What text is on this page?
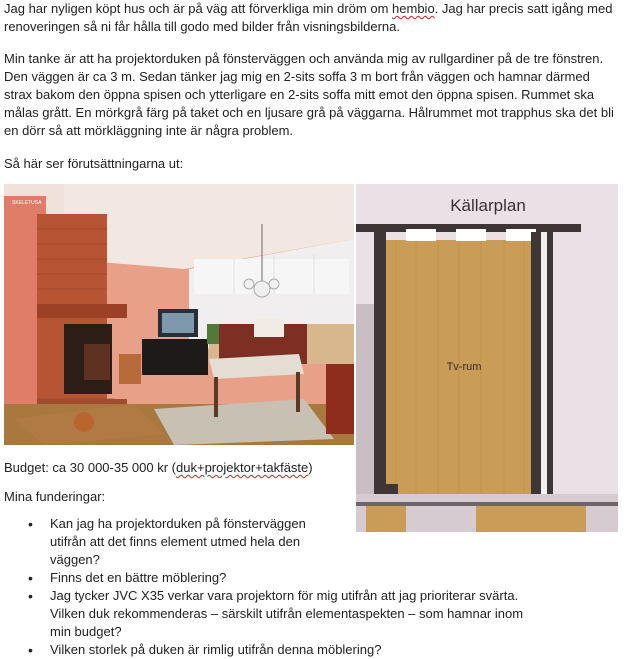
Jag har nyligen köpt hus och är på väg att förverkliga min dröm om hembio. Jag har precis satt igång med renoveringen så ni får hålla till godo med bilder från visningsbilderna.

Min tanke är att ha projektorduken på fönsterväggen och använda mig av rullgardiner på de tre fönstren. Den väggen är ca 3 m. Sedan tänker jag mig en 2-sits soffa 3 m bort från väggen och hamnar därmed strax bakom den öppna spisen och ytterligare en 2-sits soffa mitt emot den öppna spisen. Rummet ska målas grått. En mörkgrå färg på taket och en ljusare grå på väggarna. Hålrummet mot trapphus ska det bli en dörr så att mörkläggning inte är några problem.

Så här ser förutsättningarna ut:

SKELETUSA	Källarplan
Tv-rum

Budget: ca 30 000-35 000 kr (duk+projektor+takfäste)

Mina funderingar:

• Kan jag ha projektorduken på fönsterväggen utifrån att det finns element utmed hela den väggen?
• Finns det en bättre möblering?
• Jag tycker JVC X35 verkar vara projektorn för mig utifrån att jag prioriterar svärta. Vilken duk rekommenderas – särskilt utifrån elementaspekten – som hamnar inom min budget?
• Vilken storlek på duken är rimlig utifrån denna möblering?
